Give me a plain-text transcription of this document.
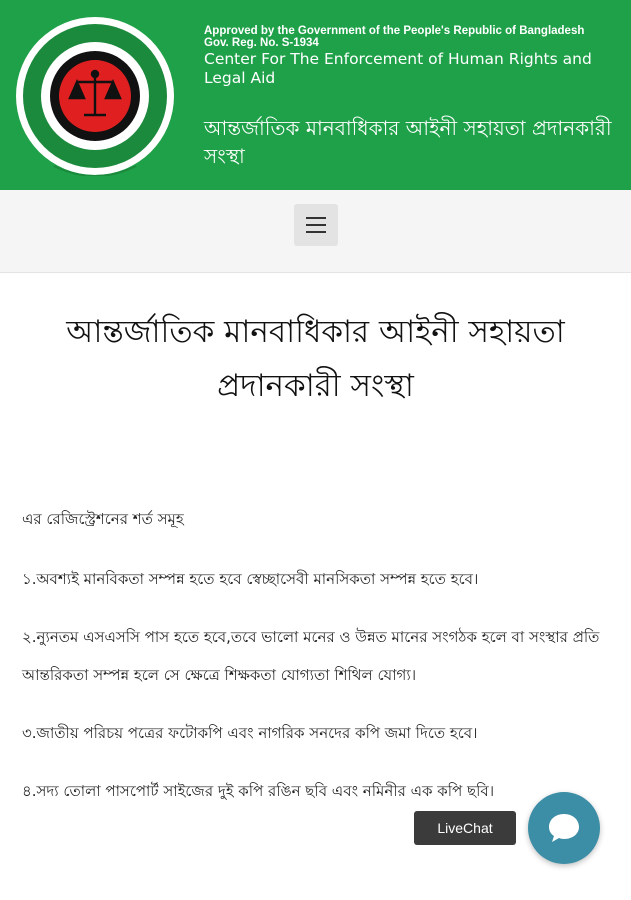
Approved by the Government of the People's Republic of Bangladesh
Gov. Reg. No. S-1934
Center For The Enforcement of Human Rights and Legal Aid
আন্তর্জাতিক মানবাধিকার আইনী সহায়তা প্রদানকারী সংস্থা
আন্তর্জাতিক মানবাধিকার আইনী সহায়তা প্রদানকারী সংস্থা

এর রেজিস্ট্রেশনের শর্ত সমূহ

১.অবশ্যই মানবিকতা সম্পন্ন হতে হবে স্বেচ্ছাসেবী মানসিকতা সম্পন্ন হতে হবে।

২.ন্যুনতম এসএসসি পাস হতে হবে,তবে ভালো মনের ও উন্নত মানের সংগঠক হলে বা সংস্থার প্রতি আন্তরিকতা সম্পন্ন হলে সে ক্ষেত্রে শিক্ষকতা যোগ্যতা শিথিল যোগ্য।

৩.জাতীয় পরিচয় পত্রের ফটোকপি এবং নাগরিক সনদের কপি জমা দিতে হবে।

৪.সদ্য তোলা পাসপোর্ট সাইজের দুই কপি রঙিন ছবি এবং নমিনীর এক কপি ছবি।

LiveChat
